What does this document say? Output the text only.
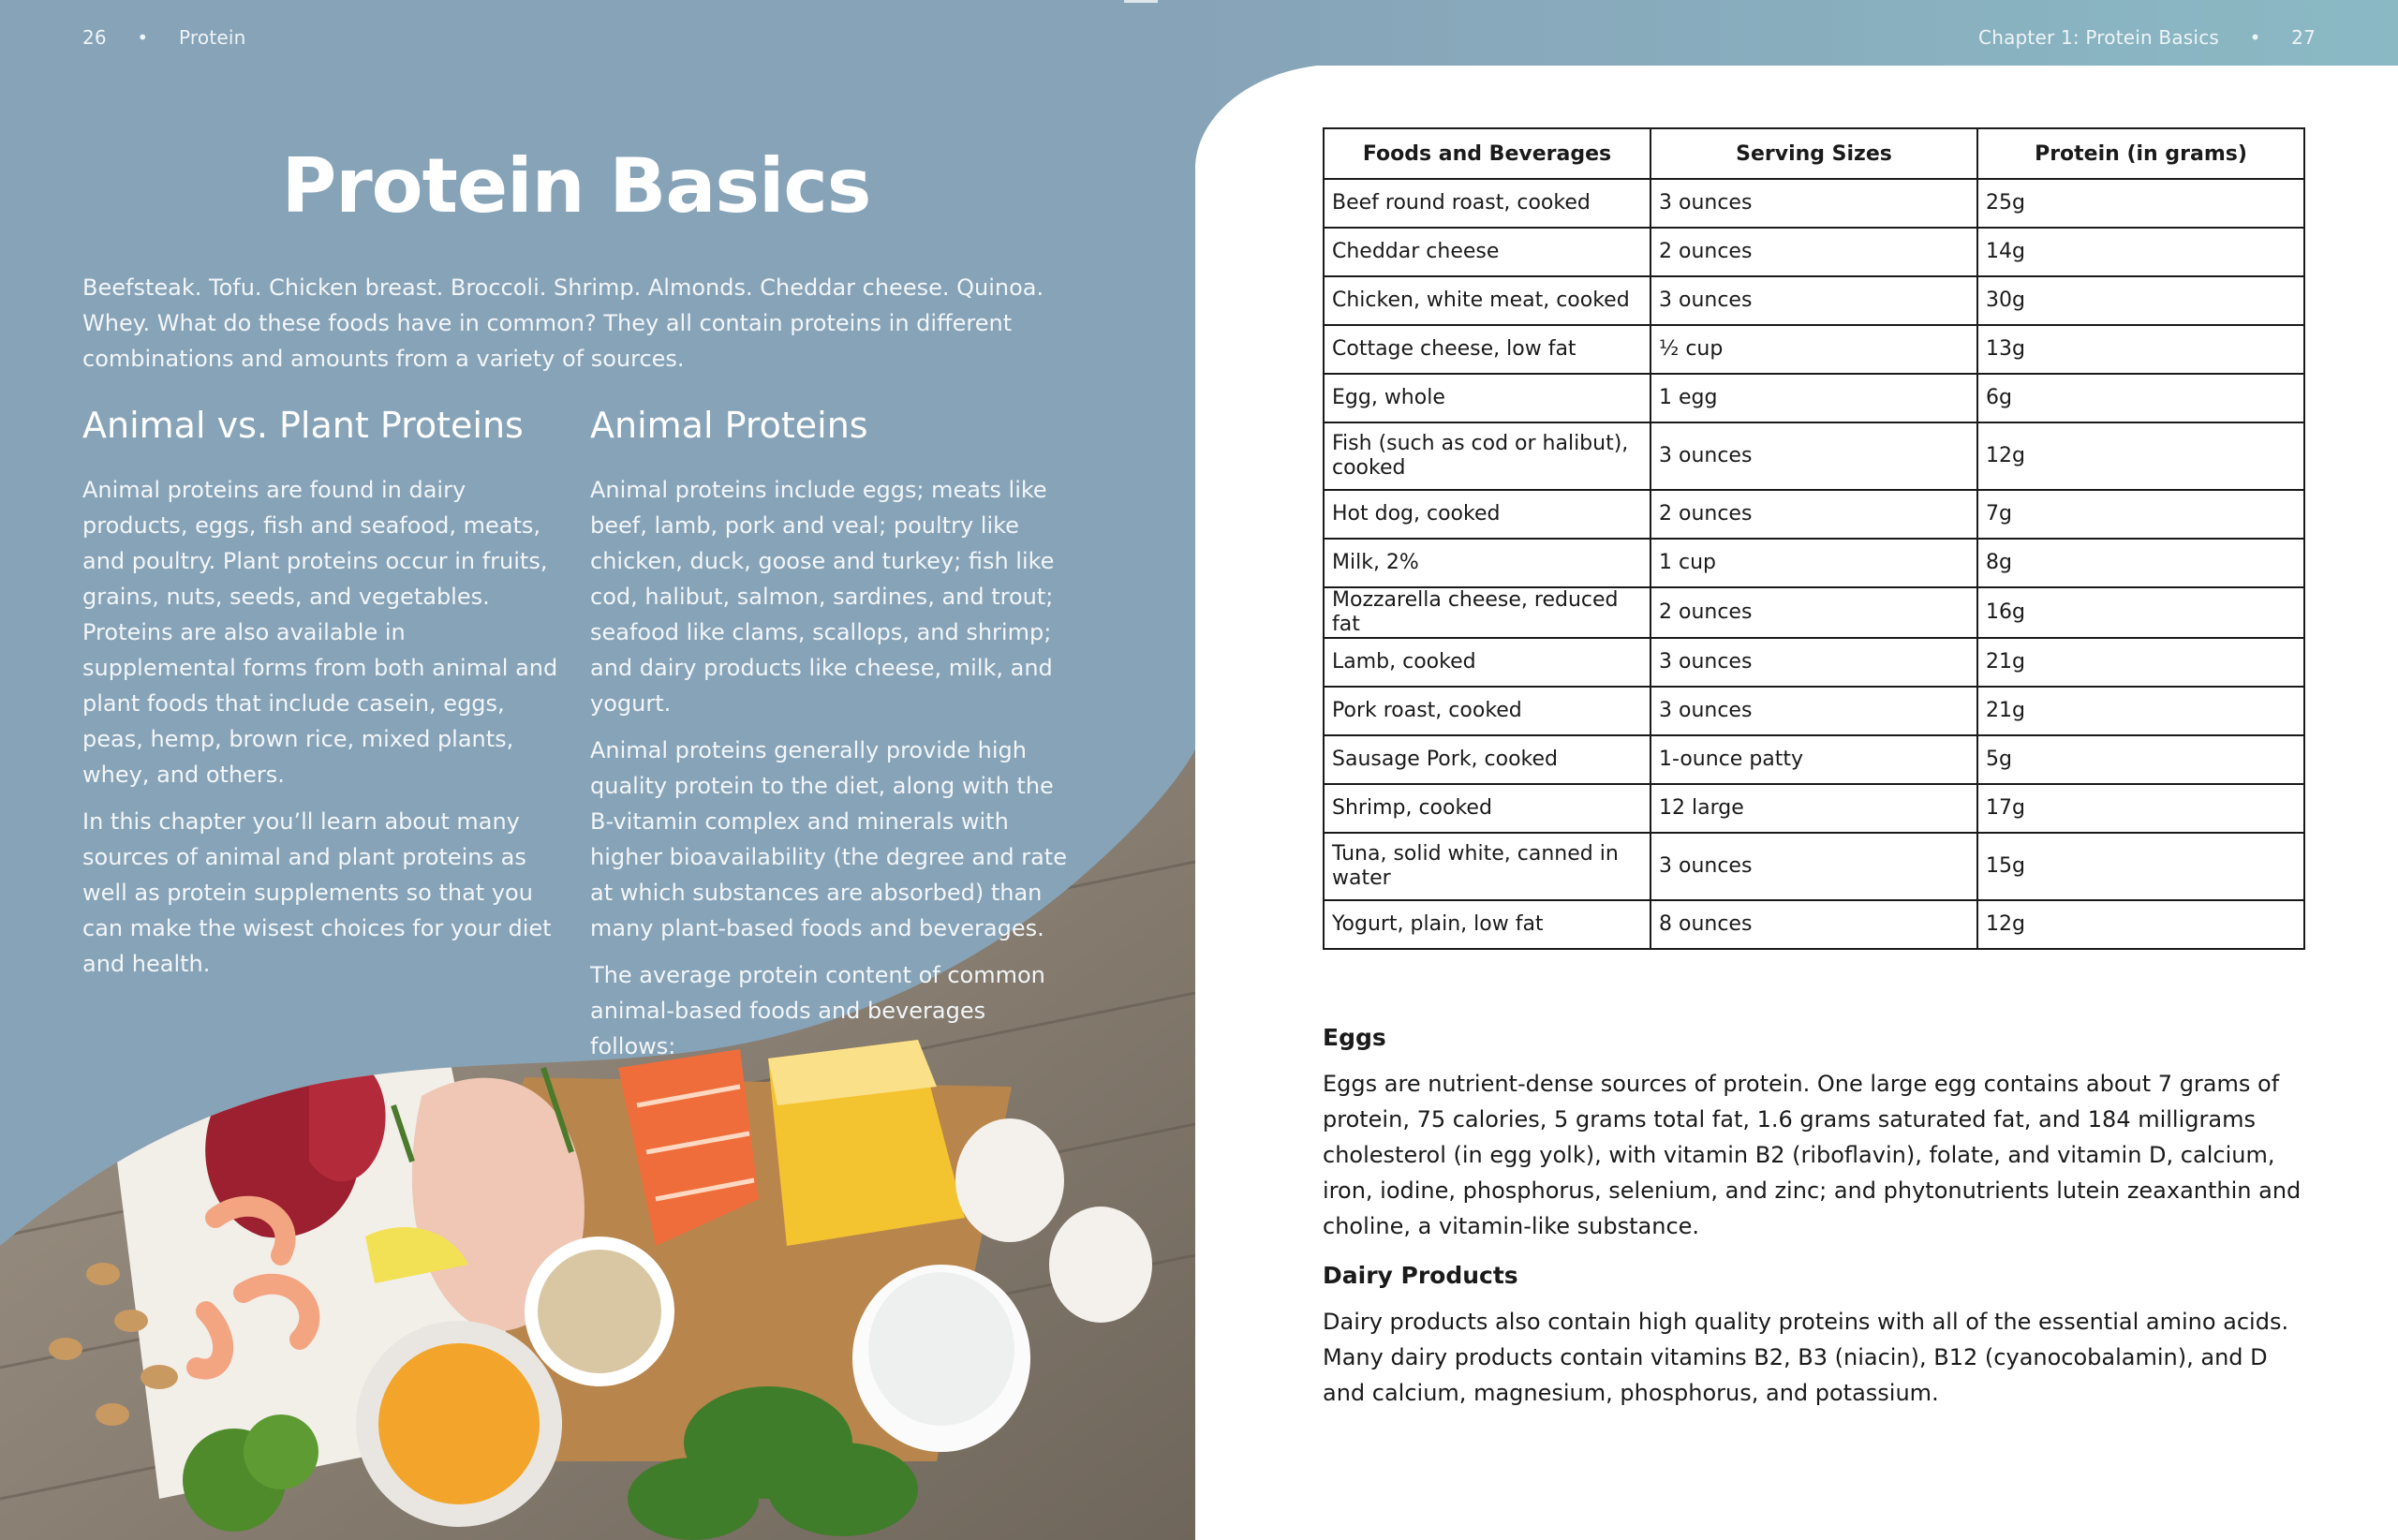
26 • Protein
Protein Basics

Beefsteak. Tofu. Chicken breast. Broccoli. Shrimp. Almonds. Cheddar cheese. Quinoa. Whey. What do these foods have in common? They all contain proteins in different combinations and amounts from a variety of sources.

Animal vs. Plant Proteins

Animal proteins are found in dairy products, eggs, fish and seafood, meats, and poultry. Plant proteins occur in fruits, grains, nuts, seeds, and vegetables. Proteins are also available in supplemental forms from both animal and plant foods that include casein, eggs, peas, hemp, brown rice, mixed plants, whey, and others.

In this chapter you’ll learn about many sources of animal and plant proteins as well as protein supplements so that you can make the wisest choices for your diet and health.

Animal Proteins

Animal proteins include eggs; meats like beef, lamb, pork and veal; poultry like chicken, duck, goose and turkey; fish like cod, halibut, salmon, sardines, and trout; seafood like clams, scallops, and shrimp; and dairy products like cheese, milk, and yogurt.

Animal proteins generally provide high quality protein to the diet, along with the B-vitamin complex and minerals with higher bioavailability (the degree and rate at which substances are absorbed) than many plant-based foods and beverages.

The average protein content of common animal-based foods and beverages follows:

Chapter 1: Protein Basics • 27
Foods and Beverages	Serving Sizes	Protein (in grams)
Beef round roast, cooked	3 ounces	25g
Cheddar cheese	2 ounces	14g
Chicken, white meat, cooked	3 ounces	30g
Cottage cheese, low fat	½ cup	13g
Egg, whole	1 egg	6g
Fish (such as cod or halibut), cooked	3 ounces	12g
Hot dog, cooked	2 ounces	7g
Milk, 2%	1 cup	8g
Mozzarella cheese, reduced fat	2 ounces	16g
Lamb, cooked	3 ounces	21g
Pork roast, cooked	3 ounces	21g
Sausage Pork, cooked	1-ounce patty	5g
Shrimp, cooked	12 large	17g
Tuna, solid white, canned in water	3 ounces	15g
Yogurt, plain, low fat	8 ounces	12g
Eggs

Eggs are nutrient-dense sources of protein. One large egg contains about 7 grams of protein, 75 calories, 5 grams total fat, 1.6 grams saturated fat, and 184 milligrams cholesterol (in egg yolk), with vitamin B2 (riboflavin), folate, and vitamin D, calcium, iron, iodine, phosphorus, selenium, and zinc; and phytonutrients lutein zeaxanthin and choline, a vitamin-like substance.

Dairy Products

Dairy products also contain high quality proteins with all of the essential amino acids. Many dairy products contain vitamins B2, B3 (niacin), B12 (cyanocobalamin), and D and calcium, magnesium, phosphorus, and potassium.
